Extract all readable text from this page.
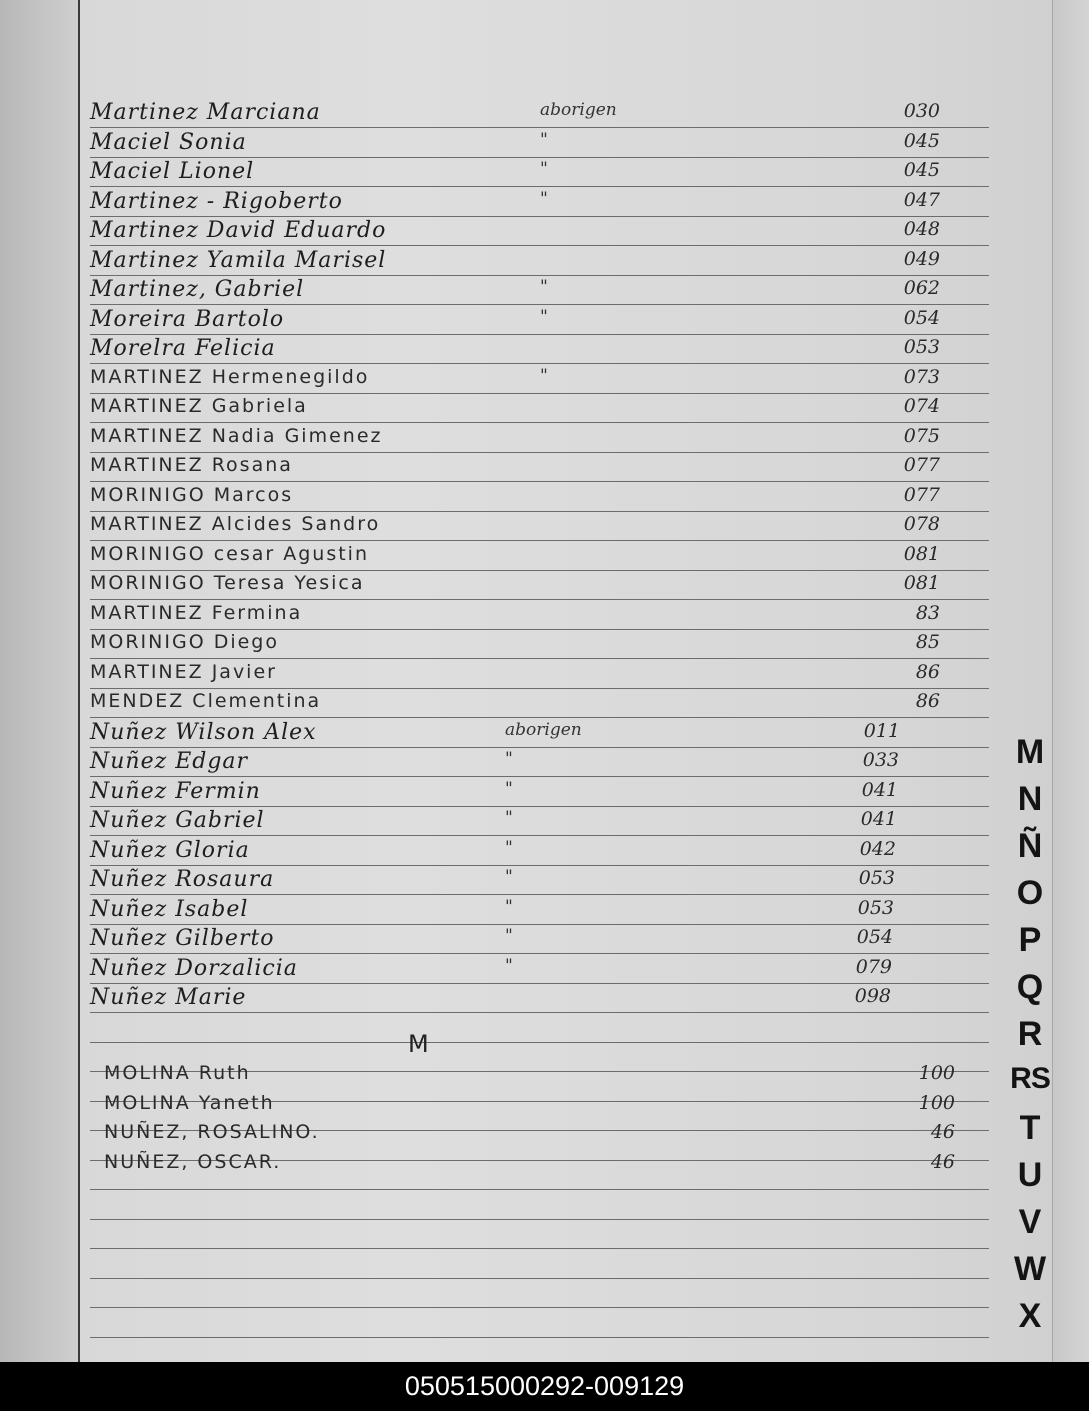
Martinez Marciana	aborigen	030
Maciel Sonia	"	045
Maciel Lionel	"	045
Martinez - Rigoberto	"	047
Martinez David Eduardo	048
Martinez Yamila Marisel	049
Martinez, Gabriel	"	062
Moreira Bartolo	"	054
Morelra Felicia	053
MARTINEZ Hermenegildo	"	073
MARTINEZ Gabriela	074
MARTINEZ Nadia Gimenez	075
MARTINEZ Rosana	077
MORINIGO Marcos	077
MARTINEZ Alcides Sandro	078
MORINIGO cesar Agustin	081
MORINIGO Teresa Yesica	081
MARTINEZ Fermina	83
MORINIGO Diego	85
MARTINEZ Javier	86
MENDEZ Clementina	86
Nuñez Wilson Alex	aborigen	011
Nuñez Edgar	"	033
Nuñez Fermin	"	041
Nuñez Gabriel	"	041
Nuñez Gloria	"	042
Nuñez Rosaura	"	053
Nuñez Isabel	"	053
Nuñez Gilberto	"	054
Nuñez Dorzalicia	"	079
Nuñez Marie	098
M
MOLINA Ruth	100
MOLINA Yaneth	100
NUÑEZ, ROSALINO.	46
NUÑEZ, OSCAR.	46
M
N
Ñ
O
P
Q
R
RS
T
U
V
W
X
050515000292-009129
